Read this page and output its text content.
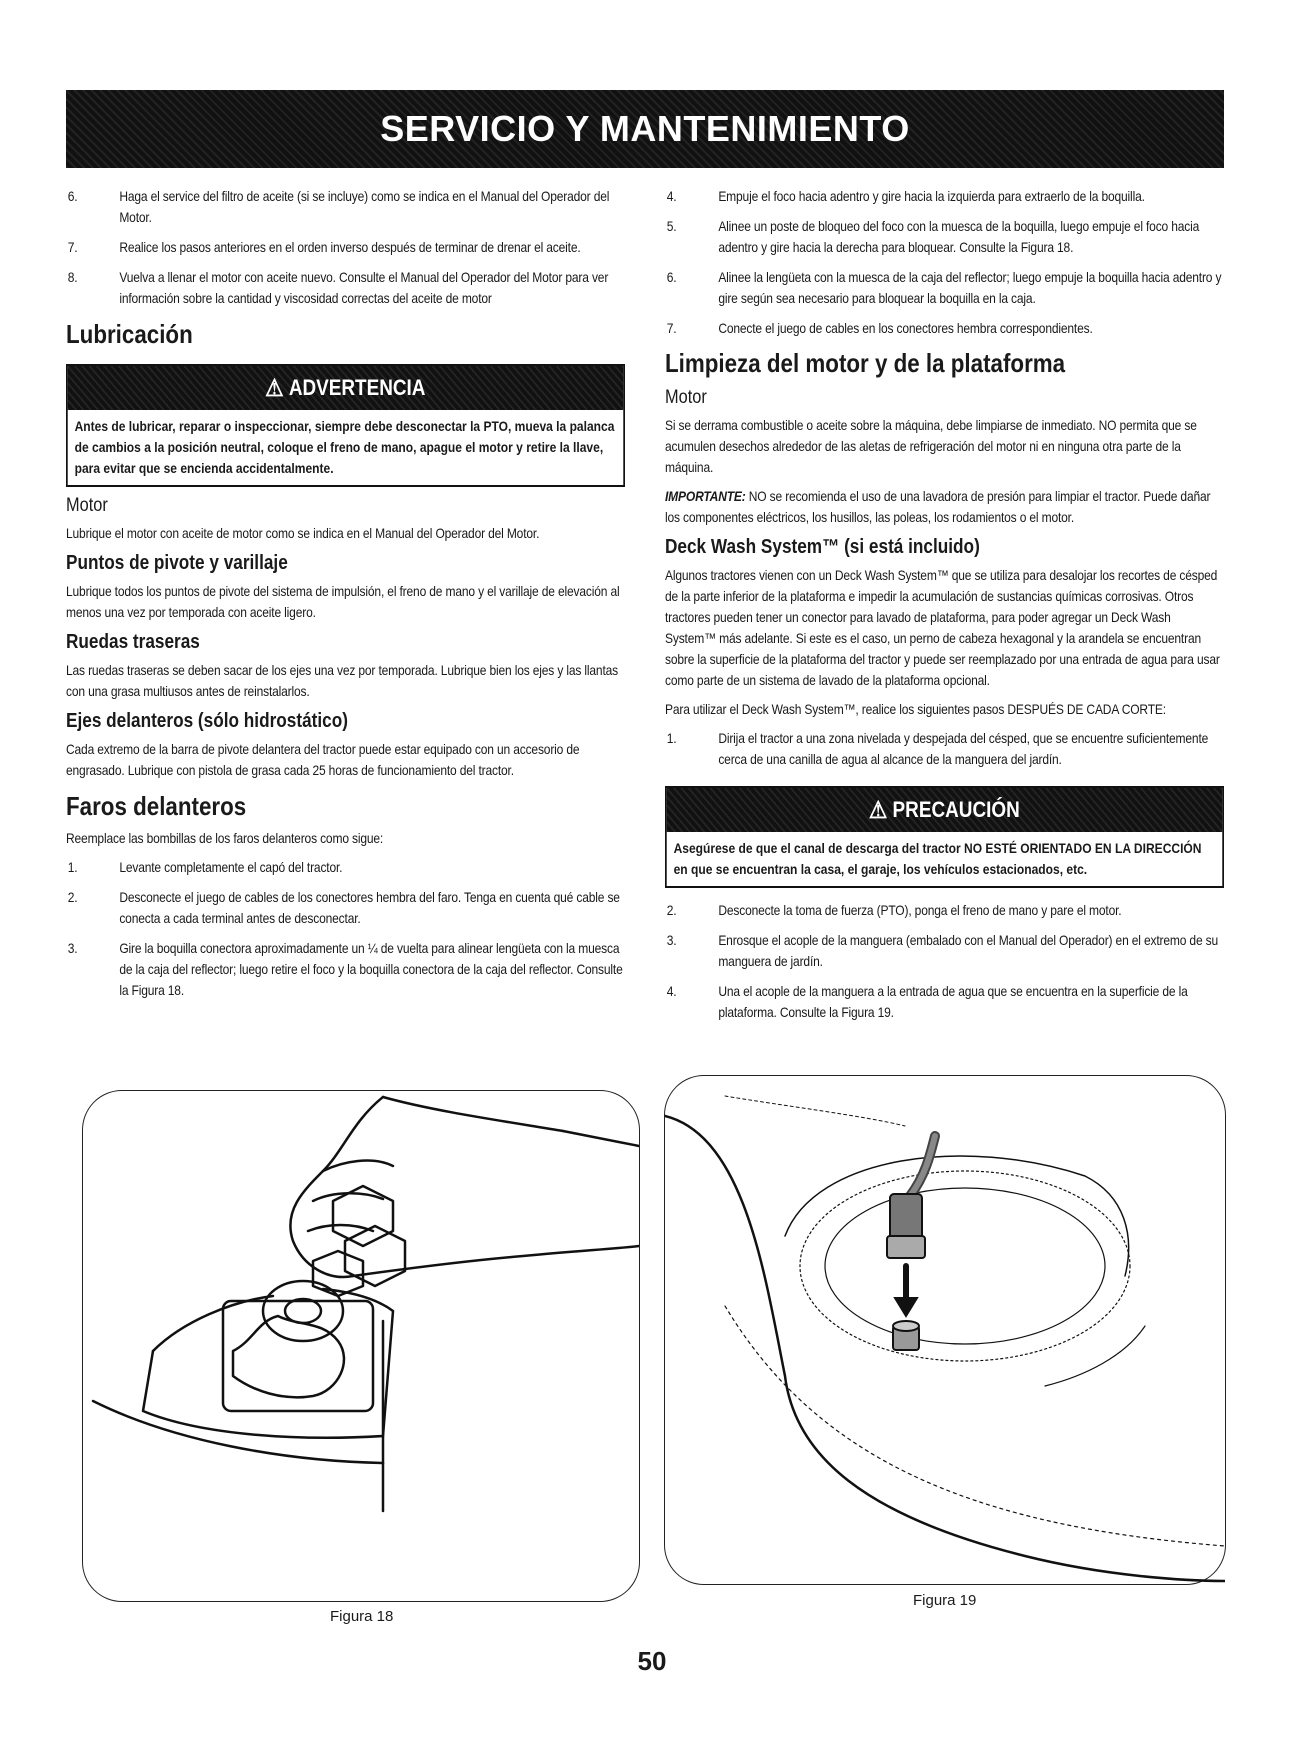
SERVICIO Y MANTENIMIENTO
6.	Haga el service del filtro de aceite (si se incluye) como se indica en el Manual del Operador del Motor.
7.	Realice los pasos anteriores en el orden inverso después de terminar de drenar el aceite.
8.	Vuelva a llenar el motor con aceite nuevo. Consulte el Manual del Operador del Motor para ver información sobre la cantidad y viscosidad correctas del aceite de motor
Lubricación
⚠ ADVERTENCIA
Antes de lubricar, reparar o inspeccionar, siempre debe desconectar la PTO, mueva la palanca de cambios a la posición neutral, coloque el freno de mano, apague el motor y retire la llave, para evitar que se encienda accidentalmente.
Motor

Lubrique el motor con aceite de motor como se indica en el Manual del Operador del Motor.

Puntos de pivote y varillaje

Lubrique todos los puntos de pivote del sistema de impulsión, el freno de mano y el varillaje de elevación al menos una vez por temporada con aceite ligero.

Ruedas traseras

Las ruedas traseras se deben sacar de los ejes una vez por temporada. Lubrique bien los ejes y las llantas con una grasa multiusos antes de reinstalarlos.

Ejes delanteros (sólo hidrostático)

Cada extremo de la barra de pivote delantera del tractor puede estar equipado con un accesorio de engrasado. Lubrique con pistola de grasa cada 25 horas de funcionamiento del tractor.

Faros delanteros

Reemplace las bombillas de los faros delanteros como sigue:

1.	Levante completamente el capó del tractor.
2.	Desconecte el juego de cables de los conectores hembra del faro. Tenga en cuenta qué cable se conecta a cada terminal antes de desconectar.
3.	Gire la boquilla conectora aproximadamente un ¼ de vuelta para alinear lengüeta con la muesca de la caja del reflector; luego retire el foco y la boquilla conectora de la caja del reflector. Consulte la Figura 18.
4.	Empuje el foco hacia adentro y gire hacia la izquierda para extraerlo de la boquilla.
5.	Alinee un poste de bloqueo del foco con la muesca de la boquilla, luego empuje el foco hacia adentro y gire hacia la derecha para bloquear. Consulte la Figura 18.
6.	Alinee la lengüeta con la muesca de la caja del reflector; luego empuje la boquilla hacia adentro y gire según sea necesario para bloquear la boquilla en la caja.
7.	Conecte el juego de cables en los conectores hembra correspondientes.
Limpieza del motor y de la plataforma
Motor

Si se derrama combustible o aceite sobre la máquina, debe limpiarse de inmediato. NO permita que se acumulen desechos alrededor de las aletas de refrigeración del motor ni en ninguna otra parte de la máquina.

IMPORTANTE: NO se recomienda el uso de una lavadora de presión para limpiar el tractor. Puede dañar los componentes eléctricos, los husillos, las poleas, los rodamientos o el motor.

Deck Wash System™ (si está incluido)

Algunos tractores vienen con un Deck Wash System™ que se utiliza para desalojar los recortes de césped de la parte inferior de la plataforma e impedir la acumulación de sustancias químicas corrosivas. Otros tractores pueden tener un conector para lavado de plataforma, para poder agregar un Deck Wash System™ más adelante. Si este es el caso, un perno de cabeza hexagonal y la arandela se encuentran sobre la superficie de la plataforma del tractor y puede ser reemplazado por una entrada de agua para usar como parte de un sistema de lavado de la plataforma opcional.

Para utilizar el Deck Wash System™, realice los siguientes pasos DESPUÉS DE CADA CORTE:

1.	Dirija el tractor a una zona nivelada y despejada del césped, que se encuentre suficientemente cerca de una canilla de agua al alcance de la manguera del jardín.
⚠ PRECAUCIÓN
Asegúrese de que el canal de descarga del tractor NO ESTÉ ORIENTADO EN LA DIRECCIÓN en que se encuentran la casa, el garaje, los vehículos estacionados, etc.
2.	Desconecte la toma de fuerza (PTO), ponga el freno de mano y pare el motor.
3.	Enrosque el acople de la manguera (embalado con el Manual del Operador) en el extremo de su manguera de jardín.
4.	Una el acople de la manguera a la entrada de agua que se encuentra en la superficie de la plataforma. Consulte la Figura 19.
Figura 18
Figura 19
50
